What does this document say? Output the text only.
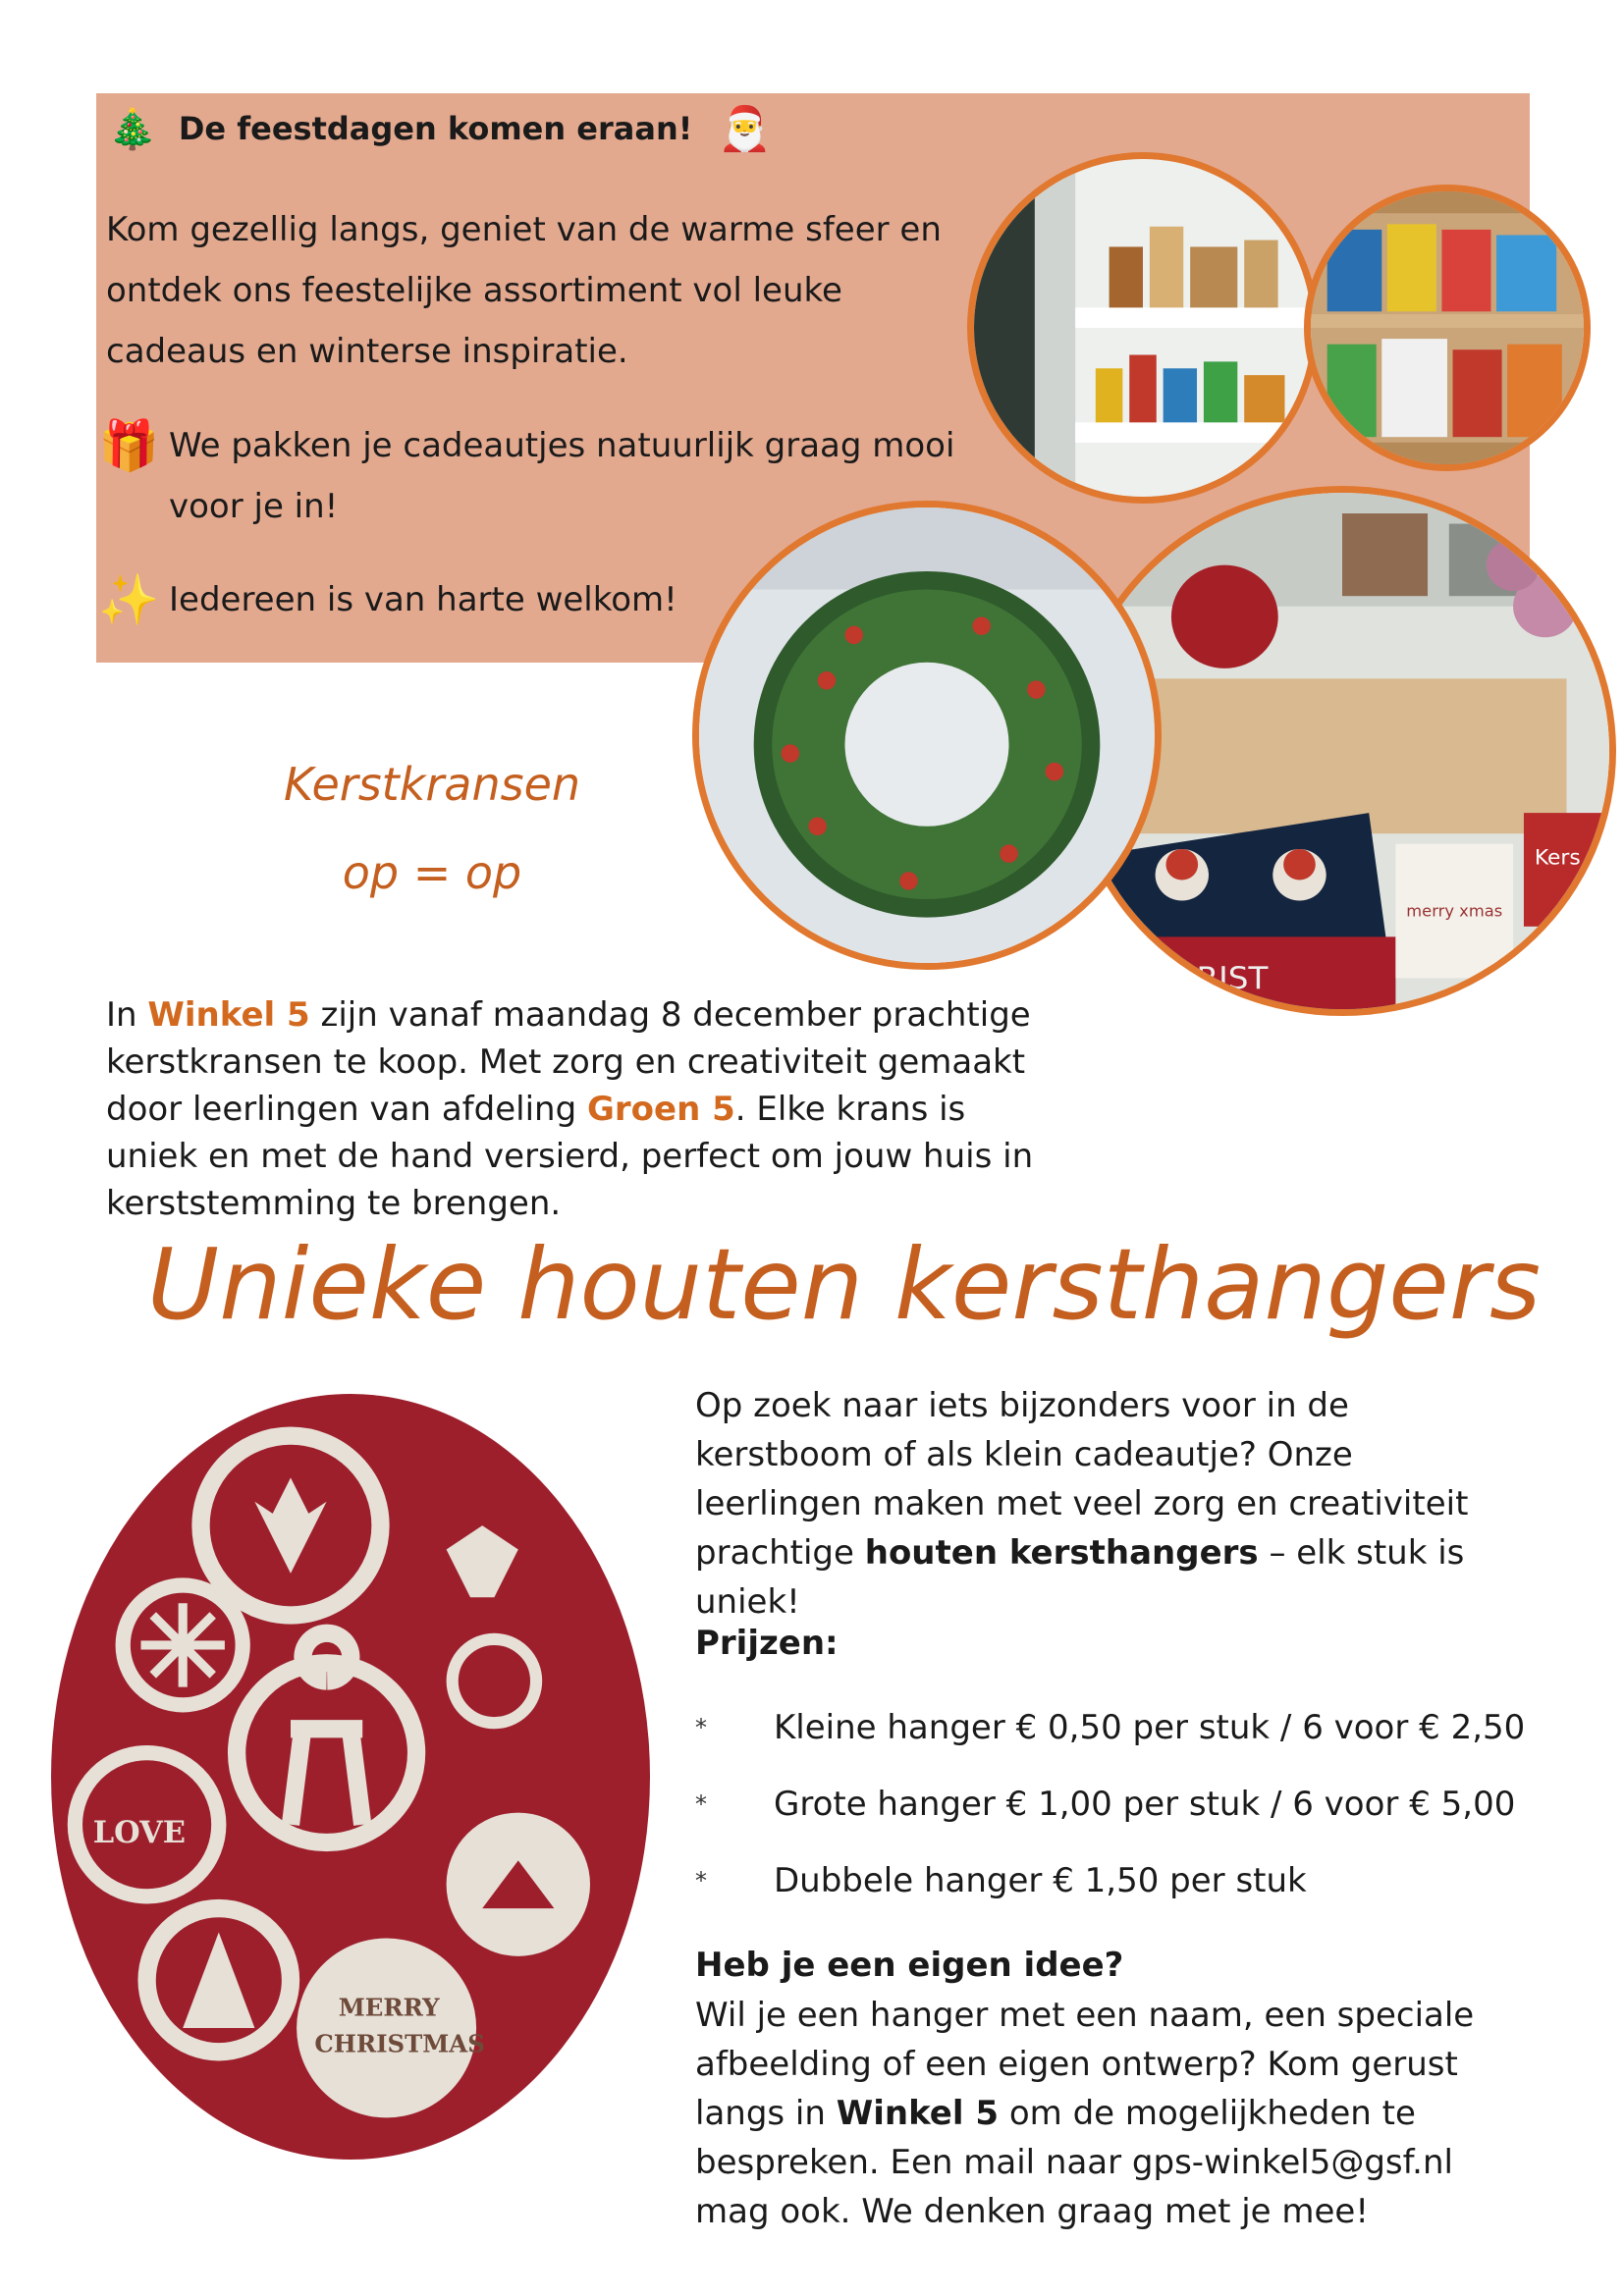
🎄 De feestdagen komen eraan! 🎅
Kom gezellig langs, geniet van de warme sfeer en ontdek ons feestelijke assortiment vol leuke cadeaus en winterse inspiratie.
🎁 We pakken je cadeautjes natuurlijk graag mooi
voor je in!
✨ Iedereen is van harte welkom!
CHRIST
merry xmas
Kers
Kerstkransen
op = op
In Winkel 5 zijn vanaf maandag 8 december prachtige kerstkransen te koop. Met zorg en creativiteit gemaakt door leerlingen van afdeling Groen 5. Elke krans is uniek en met de hand versierd, perfect om jouw huis in kerststemming te brengen.
Unieke houten kersthangers
LOVE
MERRY
CHRISTMAS
Op zoek naar iets bijzonders voor in de kerstboom of als klein cadeautje? Onze leerlingen maken met veel zorg en creativiteit prachtige houten kersthangers – elk stuk is uniek!
Prijzen:
*	Kleine hanger € 0,50 per stuk / 6 voor € 2,50
*	Grote hanger € 1,00 per stuk / 6 voor € 5,00
*	Dubbele hanger € 1,50 per stuk
Heb je een eigen idee?
Wil je een hanger met een naam, een speciale afbeelding of een eigen ontwerp? Kom gerust langs in Winkel 5 om de mogelijkheden te bespreken. Een mail naar gps-winkel5@gsf.nl mag ook. We denken graag met je mee!
